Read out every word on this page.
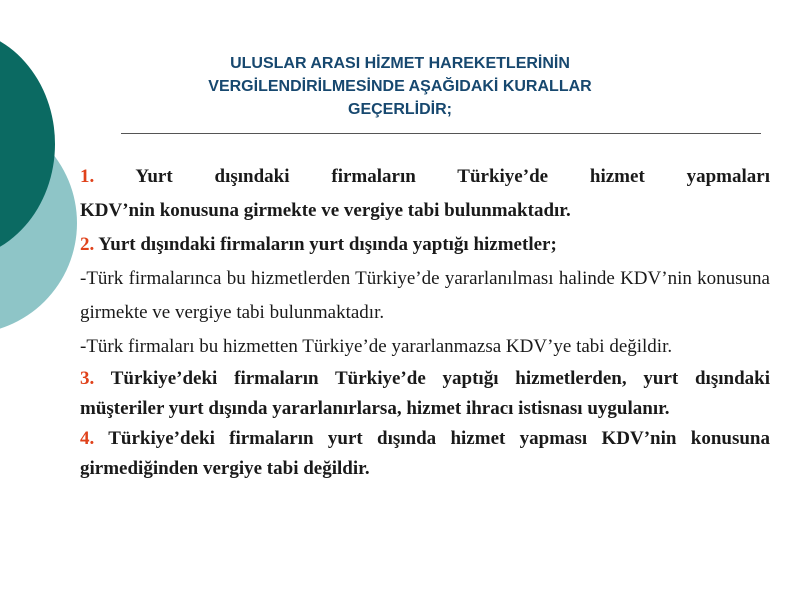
ULUSLAR ARASI HİZMET HAREKETLERİNİN
VERGİLENDİRİLMESİNDE AŞAĞIDAKİ KURALLAR
GEÇERLİDİR;

1. Yurt dışındaki firmaların Türkiye’de hizmet yapmaları
KDV’nin konusuna girmekte ve vergiye tabi bulunmaktadır.

2. Yurt dışındaki firmaların yurt dışında yaptığı hizmetler;

-Türk firmalarınca bu hizmetlerden Türkiye’de yararlanılması halinde KDV’nin konusuna girmekte ve vergiye tabi bulunmaktadır.

-Türk firmaları bu hizmetten Türkiye’de yararlanmazsa KDV’ye tabi değildir.

3. Türkiye’deki firmaların Türkiye’de yaptığı hizmetlerden, yurt dışındaki müşteriler yurt dışında yararlanırlarsa, hizmet ihracı istisnası uygulanır.

4. Türkiye’deki firmaların yurt dışında hizmet yapması KDV’nin konusuna girmediğinden vergiye tabi değildir.
